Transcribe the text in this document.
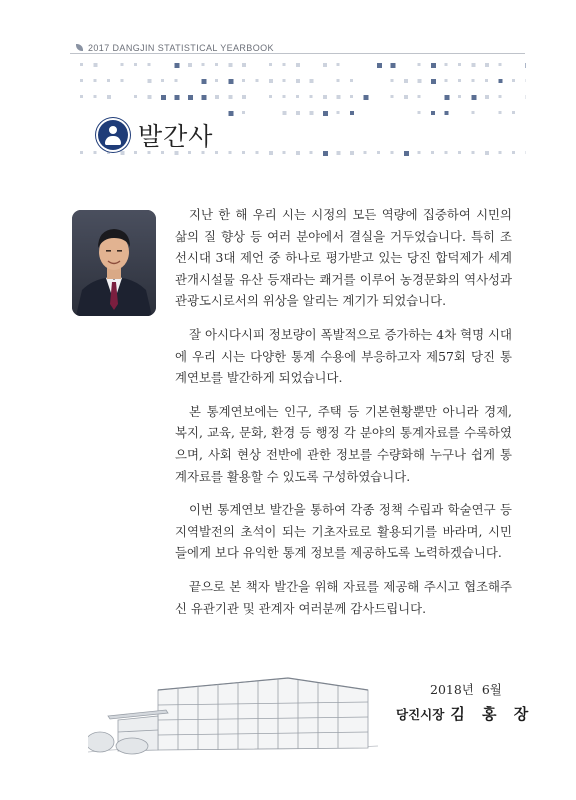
2017 DANGJIN STATISTICAL YEARBOOK
발간사

지난 한 해 우리 시는 시정의 모든 역량에 집중하여 시민의 삶의 질 향상 등 여러 분야에서 결실을 거두었습니다. 특히 조선시대 3대 제언 중 하나로 평가받고 있는 당진 합덕제가 세계 관개시설물 유산 등재라는 쾌거를 이루어 농경문화의 역사성과 관광도시로서의 위상을 알리는 계기가 되었습니다.

잘 아시다시피 정보량이 폭발적으로 증가하는 4차 혁명 시대에 우리 시는 다양한 통계 수용에 부응하고자 제57회 당진 통계연보를 발간하게 되었습니다.

본 통계연보에는 인구, 주택 등 기본현황뿐만 아니라 경제, 복지, 교육, 문화, 환경 등 행정 각 분야의 통계자료를 수록하였으며, 사회 현상 전반에 관한 정보를 수량화해 누구나 쉽게 통계자료를 활용할 수 있도록 구성하였습니다.

이번 통계연보 발간을 통하여 각종 정책 수립과 학술연구 등 지역발전의 초석이 되는 기초자료로 활용되기를 바라며, 시민들에게 보다 유익한 통계 정보를 제공하도록 노력하겠습니다.

끝으로 본 책자 발간을 위해 자료를 제공해 주시고 협조해주신 유관기관 및 관계자 여러분께 감사드립니다.

2018년  6월
당진시장 김 홍 장
